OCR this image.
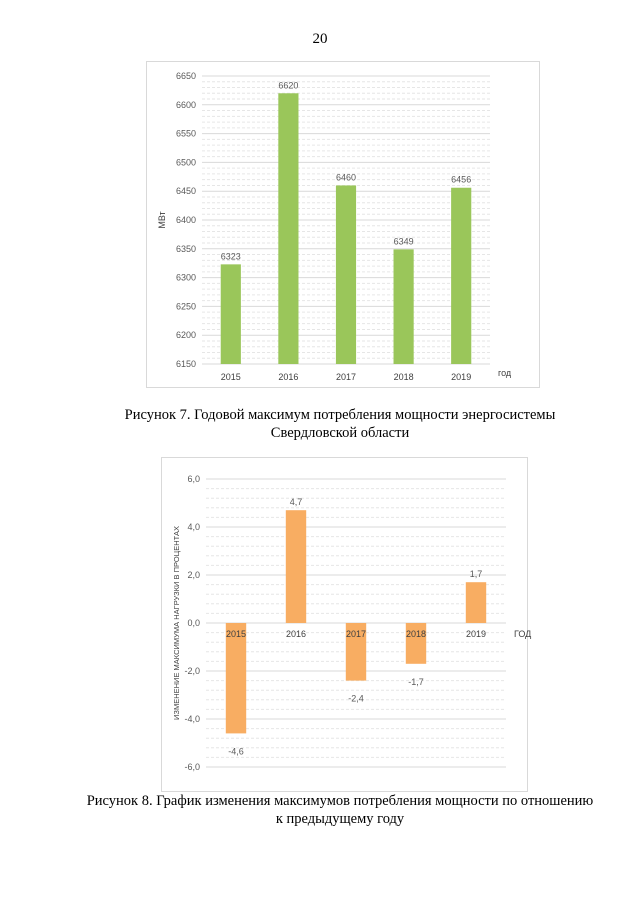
20
6150
6200
6250
6300
6350
6400
6450
6500
6550
6600
6650
6323
2015
6620
2016
6460
2017
6349
2018
6456
2019	год
МВт
Рисунок 7. Годовой максимум потребления мощности энергосистемы
Свердловской области
-6,0
-4,0
-2,0
0,0
2,0
4,0
6,0
-4,6
2015
4,7
2016
-2,4
2017
-1,7
2018
1,7
2019	ГОД
ИЗМЕНЕНИЕ МАКСИМУМА НАГРУЗКИ В ПРОЦЕНТАХ
Рисунок 8. График изменения максимумов потребления мощности по отношению
к предыдущему году
